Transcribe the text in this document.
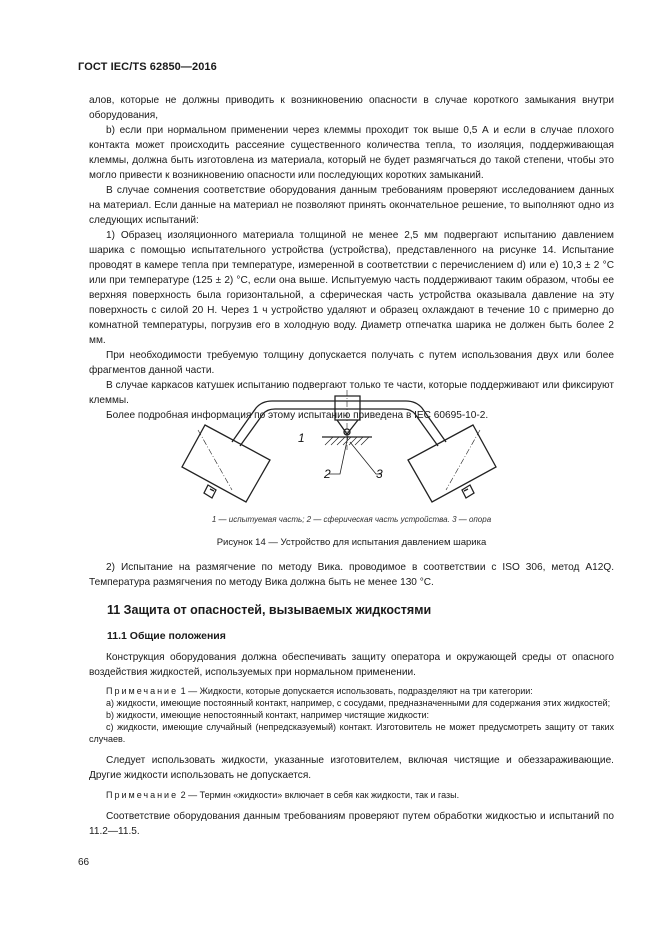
ГОСТ IEC/TS 62850—2016

алов, которые не должны приводить к возникновению опасности в случае короткого замыкания внутри оборудования,

b) если при нормальном применении через клеммы проходит ток выше 0,5 А и если в случае плохого контакта может происходить рассеяние существенного количества тепла, то изоляция, поддерживающая клеммы, должна быть изготовлена из материала, который не будет размягчаться до такой степени, чтобы это могло привести к возникновению опасности или последующих коротких замыканий.

В случае сомнения соответствие оборудования данным требованиям проверяют исследованием данных на материал. Если данные на материал не позволяют принять окончательное решение, то выполняют одно из следующих испытаний:

1) Образец изоляционного материала толщиной не менее 2,5 мм подвергают испытанию давлением шарика с помощью испытательного устройства (устройства), представленного на рисунке 14. Испытание проводят в камере тепла при температуре, измеренной в соответствии с перечислением d) или е) 10,3 ± 2 °С или при температуре (125 ± 2) °С, если она выше. Испытуемую часть поддерживают таким образом, чтобы ее верхняя поверхность была горизонтальной, а сферическая часть устройства оказывала давление на эту поверхность с силой 20 Н. Через 1 ч устройство удаляют и образец охлаждают в течение 10 с примерно до комнатной температуры, погрузив его в холодную воду. Диаметр отпечатка шарика не должен быть более 2 мм.

При необходимости требуемую толщину допускается получать с путем использования двух или более фрагментов данной части.

В случае каркасов катушек испытанию подвергают только те части, которые поддерживают или фиксируют клеммы.

Более подробная информация по этому испытанию приведена в IEC 60695-10-2.

1
2	3
1 — испытуемая часть; 2 — сферическая часть устройства. 3 — опора
Рисунок 14 — Устройство для испытания давлением шарика

2) Испытание на размягчение по методу Вика. проводимое в соответствии с ISO 306, метод А12Q. Температура размягчения по методу Вика должна быть не менее 130 °С.

11 Защита от опасностей, вызываемых жидкостями
11.1 Общие положения

Конструкция оборудования должна обеспечивать защиту оператора и окружающей среды от опасного воздействия жидкостей, используемых при нормальном применении.

Примечание 1 — Жидкости, которые допускается использовать, подразделяют на три категории:

а) жидкости, имеющие постоянный контакт, например, с сосудами, предназначенными для содержания этих жидкостей;

b) жидкости, имеющие непостоянный контакт, например чистящие жидкости:

с) жидкости, имеющие случайный (непредсказуемый) контакт. Изготовитель не может предусмотреть защиту от таких случаев.

Следует использовать жидкости, указанные изготовителем, включая чистящие и обеззараживающие. Другие жидкости использовать не допускается.

Примечание 2 — Термин «жидкости» включает в себя как жидкости, так и газы.

Соответствие оборудования данным требованиям проверяют путем обработки жидкостью и испытаний по 11.2—11.5.

66
